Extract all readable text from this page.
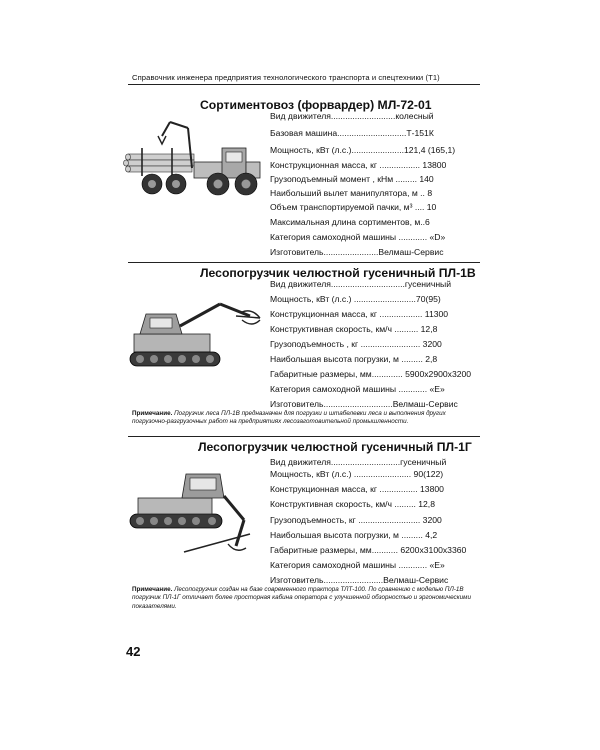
Справочник инженера предприятия технологического транспорта и спецтехники (Т1)
Сортиментовоз (форвардер) МЛ-72-01
Вид движителя...........................колесный
Базовая машина.............................Т-151К
Мощность, кВт (л.с.)......................121,4 (165,1)
Конструкционная масса, кг ................. 13800
Грузоподъемный момент , кНм ......... 140
Наибольший вылет манипулятора, м .. 8
Объем транспортируемой пачки, м³ .... 10
Максимальная длина сортиментов, м..6
Категория самоходной машины ............ «D»
Изготовитель.......................Велмаш-Сервис
Лесопогрузчик челюстной гусеничный ПЛ-1В
Вид движителя...............................гусеничный
Мощность, кВт (л.с.) ..........................70(95)
Конструкционная масса, кг .................. 11300
Конструктивная скорость, км/ч .......... 12,8
Грузоподъемность , кг ......................... 3200
Наибольшая высота погрузки, м ......... 2,8
Габаритные размеры, мм............. 5900х2900х3200
Категория самоходной машины ............ «Е»
Изготовитель.............................Велмаш-Сервис
Примечание. Погрузчик леса ПЛ-1В предназначен для погрузки и штабелевки леса и выполнения других погрузочно-разгрузочных работ на предприятиях лесозаготовительной промышленности.
Лесопогрузчик челюстной гусеничный ПЛ-1Г
Вид движителя.............................гусеничный
Мощность, кВт (л.с.) ........................ 90(122)
Конструкционная масса, кг ................ 13800
Конструктивная скорость, км/ч ......... 12,8
Грузоподъемность, кг .......................... 3200
Наибольшая высота погрузки, м ......... 4,2
Габаритные размеры, мм........... 6200х3100х3360
Категория самоходной машины ............ «Е»
Изготовитель.........................Велмаш-Сервис
Примечание. Лесопогрузчик создан на базе современного трактора ТЛТ-100. По сравнению с моделью ПЛ-1В погрузчик ПЛ-1Г отличает более просторная кабина оператора с улучшенной обзорностью и эргономическими показателями.
42
